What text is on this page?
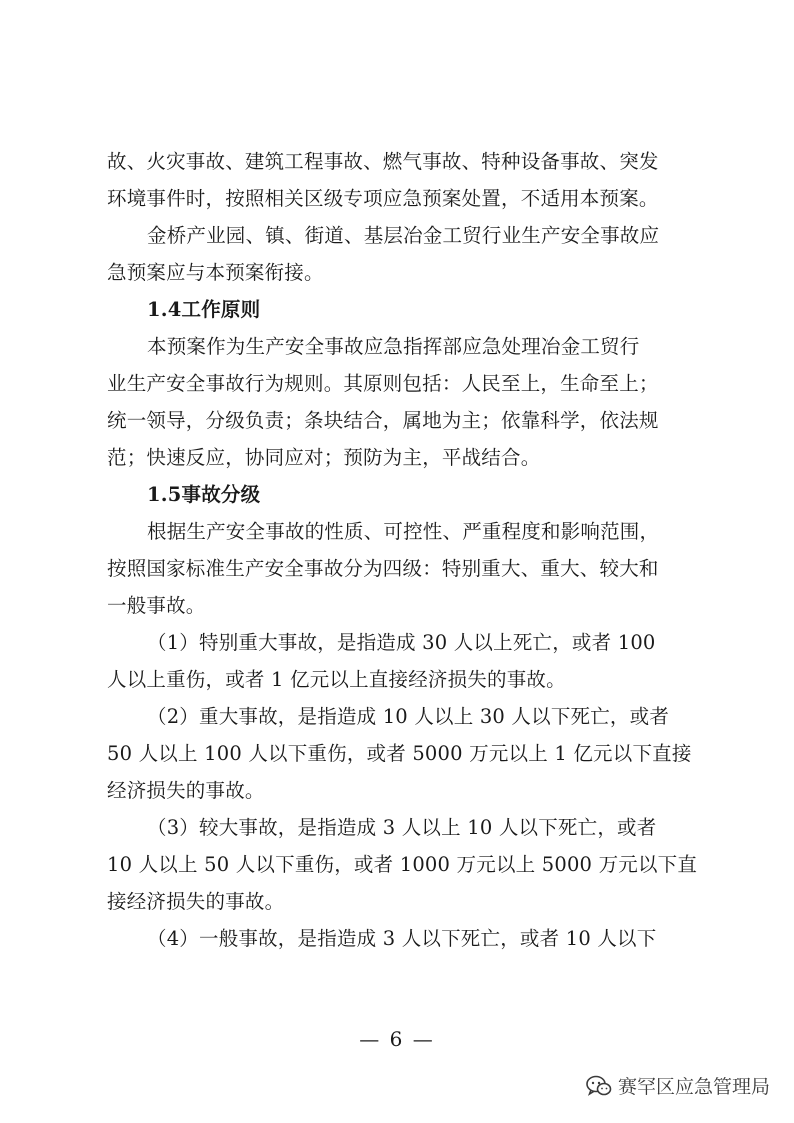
故、火灾事故、建筑工程事故、燃气事故、特种设备事故、突发
环境事件时，按照相关区级专项应急预案处置，不适用本预案。

金桥产业园、镇、街道、基层冶金工贸行业生产安全事故应
急预案应与本预案衔接。

1.4工作原则

本预案作为生产安全事故应急指挥部应急处理冶金工贸行
业生产安全事故行为规则。其原则包括：人民至上，生命至上；
统一领导，分级负责；条块结合，属地为主；依靠科学，依法规
范；快速反应，协同应对；预防为主，平战结合。

1.5事故分级

根据生产安全事故的性质、可控性、严重程度和影响范围，
按照国家标准生产安全事故分为四级：特别重大、重大、较大和
一般事故。

（1）特别重大事故，是指造成 30 人以上死亡，或者 100
人以上重伤，或者 1 亿元以上直接经济损失的事故。

（2）重大事故，是指造成 10 人以上 30 人以下死亡，或者
50 人以上 100 人以下重伤，或者 5000 万元以上 1 亿元以下直接
经济损失的事故。

（3）较大事故，是指造成 3 人以上 10 人以下死亡，或者
10 人以上 50 人以下重伤，或者 1000 万元以上 5000 万元以下直
接经济损失的事故。

（4）一般事故，是指造成 3 人以下死亡，或者 10 人以下

— 6 —
赛罕区应急管理局
